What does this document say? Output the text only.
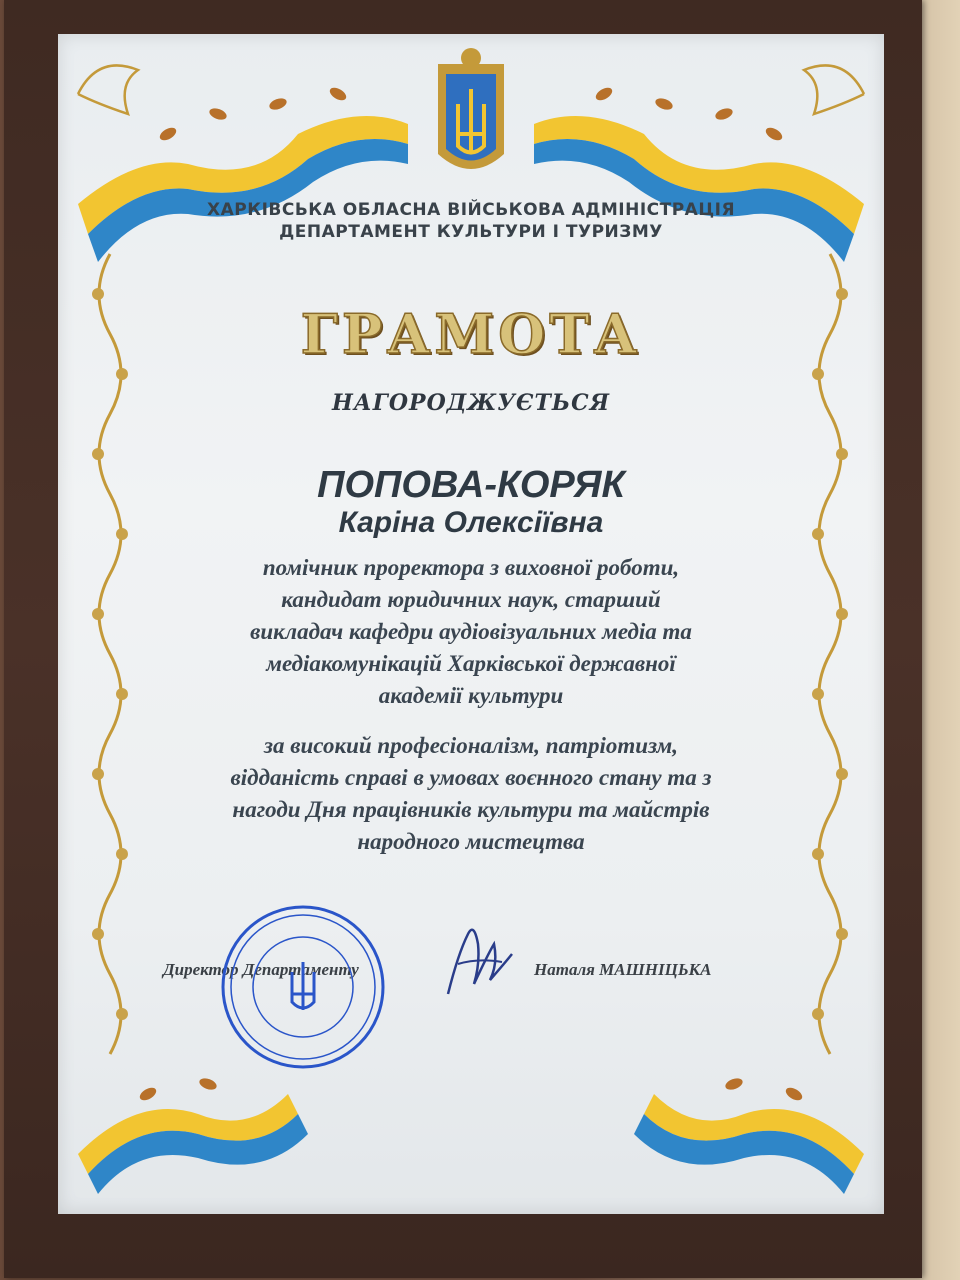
ХАРКІВСЬКА ОБЛАСНА ВІЙСЬКОВА АДМІНІСТРАЦІЯ
ДЕПАРТАМЕНТ КУЛЬТУРИ І ТУРИЗМУ
ГРАМОТА
НАГОРОДЖУЄТЬСЯ
ПОПОВА-КОРЯК
Каріна Олексіївна
помічник проректора з виховної роботи,
кандидат юридичних наук, старший
викладач кафедри аудіовізуальних медіа та
медіакомунікацій Харківської державної
академії культури
за високий професіоналізм, патріотизм,
відданість справі в умовах воєнного стану та з
нагоди Дня працівників культури та майстрів
народного мистецтва
Директор Департаменту	Наталя МАШНІЦЬКА
